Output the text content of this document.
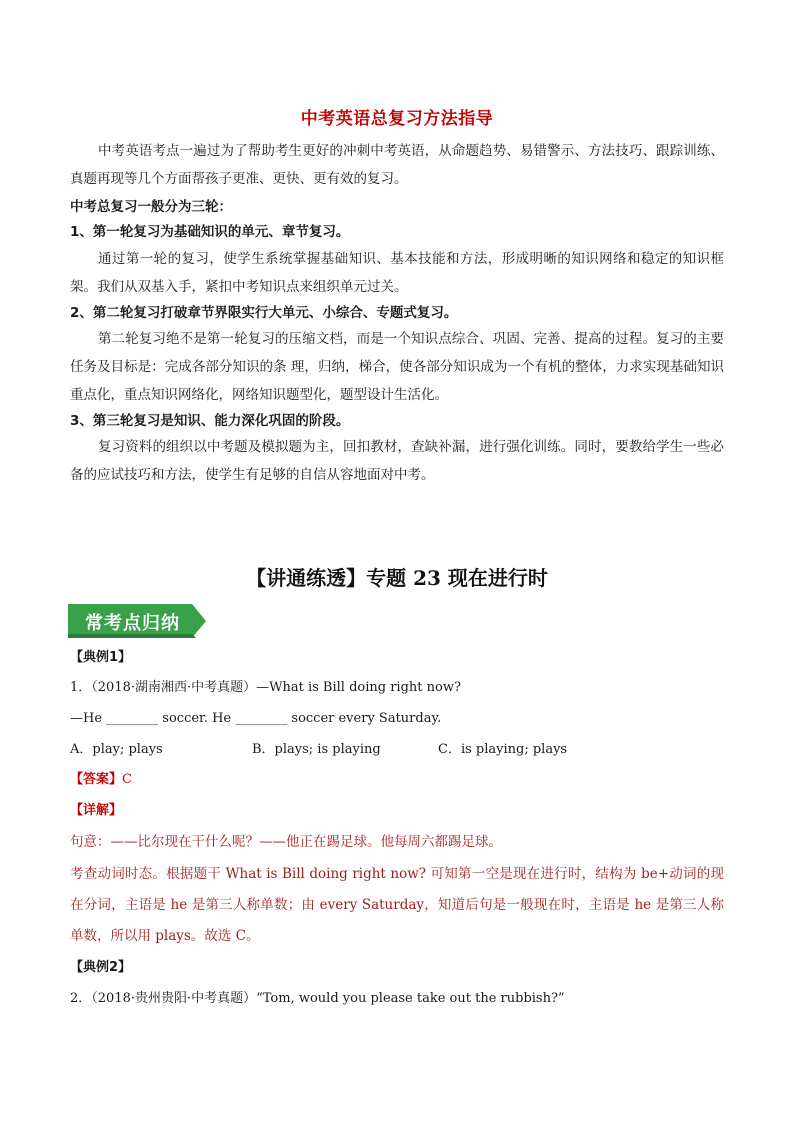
中考英语总复习方法指导
中考英语考点一遍过为了帮助考生更好的冲刺中考英语，从命题趋势、易错警示、方法技巧、跟踪训练、真题再现等几个方面帮孩子更准、更快、更有效的复习。
中考总复习一般分为三轮：
1、第一轮复习为基础知识的单元、章节复习。
通过第一轮的复习，使学生系统掌握基础知识、基本技能和方法，形成明晰的知识网络和稳定的知识框架。我们从双基入手，紧扣中考知识点来组织单元过关。
2、第二轮复习打破章节界限实行大单元、小综合、专题式复习。
第二轮复习绝不是第一轮复习的压缩文档，而是一个知识点综合、巩固、完善、提高的过程。复习的主要任务及目标是：完成各部分知识的条 理，归纳，梯合，使各部分知识成为一个有机的整体，力求实现基础知识重点化，重点知识网络化，网络知识题型化，题型设计生活化。
3、第三轮复习是知识、能力深化巩固的阶段。
复习资料的组织以中考题及模拟题为主，回扣教材，查缺补漏，进行强化训练。同时，要教给学生一些必备的应试技巧和方法，使学生有足够的自信从容地面对中考。
【讲通练透】专题 23 现在进行时
常考点归纳
【典例1】
1．（2018·湖南湘西·中考真题）—What is Bill doing right now?
—He ________ soccer. He ________ soccer every Saturday.
A．play; plays	B．plays; is playing	C．is playing; plays
【答案】C
【详解】
句意：——比尔现在干什么呢？——他正在踢足球。他每周六都踢足球。
考查动词时态。根据题干 What is Bill doing right now? 可知第一空是现在进行时，结构为 be+动词的现在分词，主语是 he 是第三人称单数；由 every Saturday，知道后句是一般现在时，主语是 he 是第三人称单数，所以用 plays。故选 C。
【典例2】
2．（2018·贵州贵阳·中考真题）“Tom, would you please take out the rubbish?”
